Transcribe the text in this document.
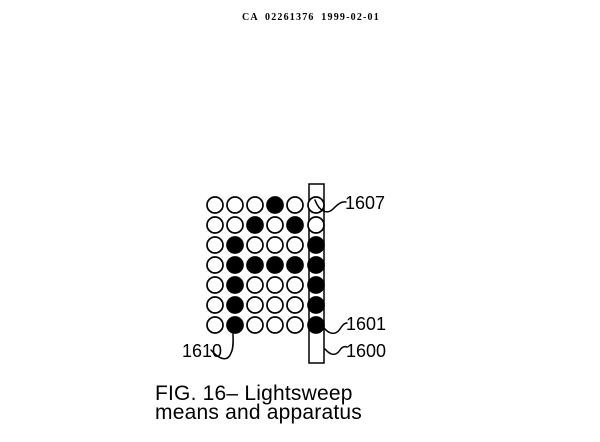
CA 02261376 1999-02-01
1607
1601
1600
1610
FIG. 16– Lightsweep
means and apparatus
